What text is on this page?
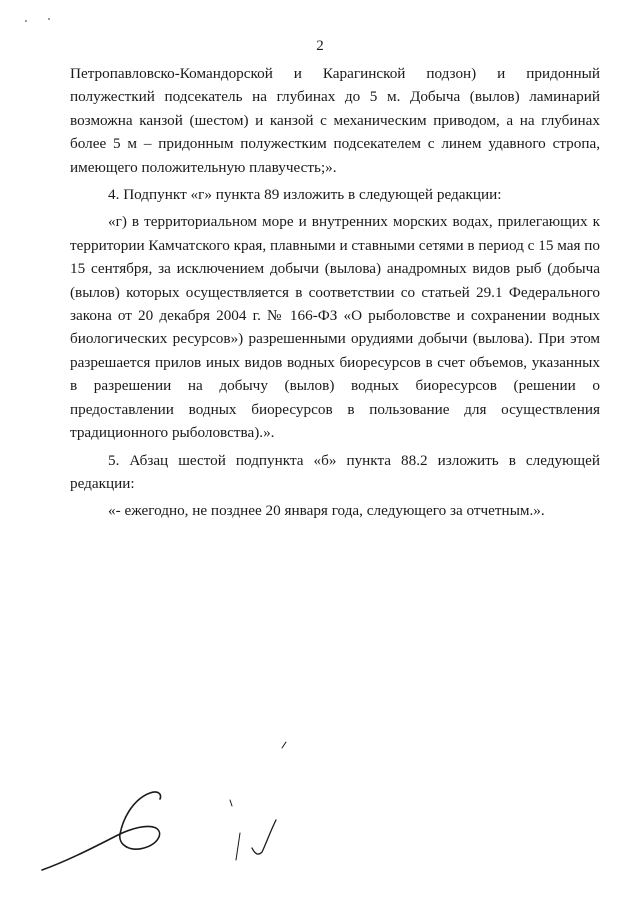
2

Петропавловско-Командорской и Карагинской подзон) и придонный полужесткий подсекатель на глубинах до 5 м. Добыча (вылов) ламинарий возможна канзой (шестом) и канзой с механическим приводом, а на глубинах более 5 м – придонным полужестким подсекателем с линем удавного стропа, имеющего положительную плавучесть;».

4. Подпункт «г» пункта 89 изложить в следующей редакции:

«г) в территориальном море и внутренних морских водах, прилегающих к территории Камчатского края, плавными и ставными сетями в период с 15 мая по 15 сентября, за исключением добычи (вылова) анадромных видов рыб (добыча (вылов) которых осуществляется в соответствии со статьей 29.1 Федерального закона от 20 декабря 2004 г. № 166-ФЗ «О рыболовстве и сохранении водных биологических ресурсов») разрешенными орудиями добычи (вылова). При этом разрешается прилов иных видов водных биоресурсов в счет объемов, указанных в разрешении на добычу (вылов) водных биоресурсов (решении о предоставлении водных биоресурсов в пользование для осуществления традиционного рыболовства).».

5. Абзац шестой подпункта «б» пункта 88.2 изложить в следующей редакции:

«- ежегодно, не позднее 20 января года, следующего за отчетным.».
